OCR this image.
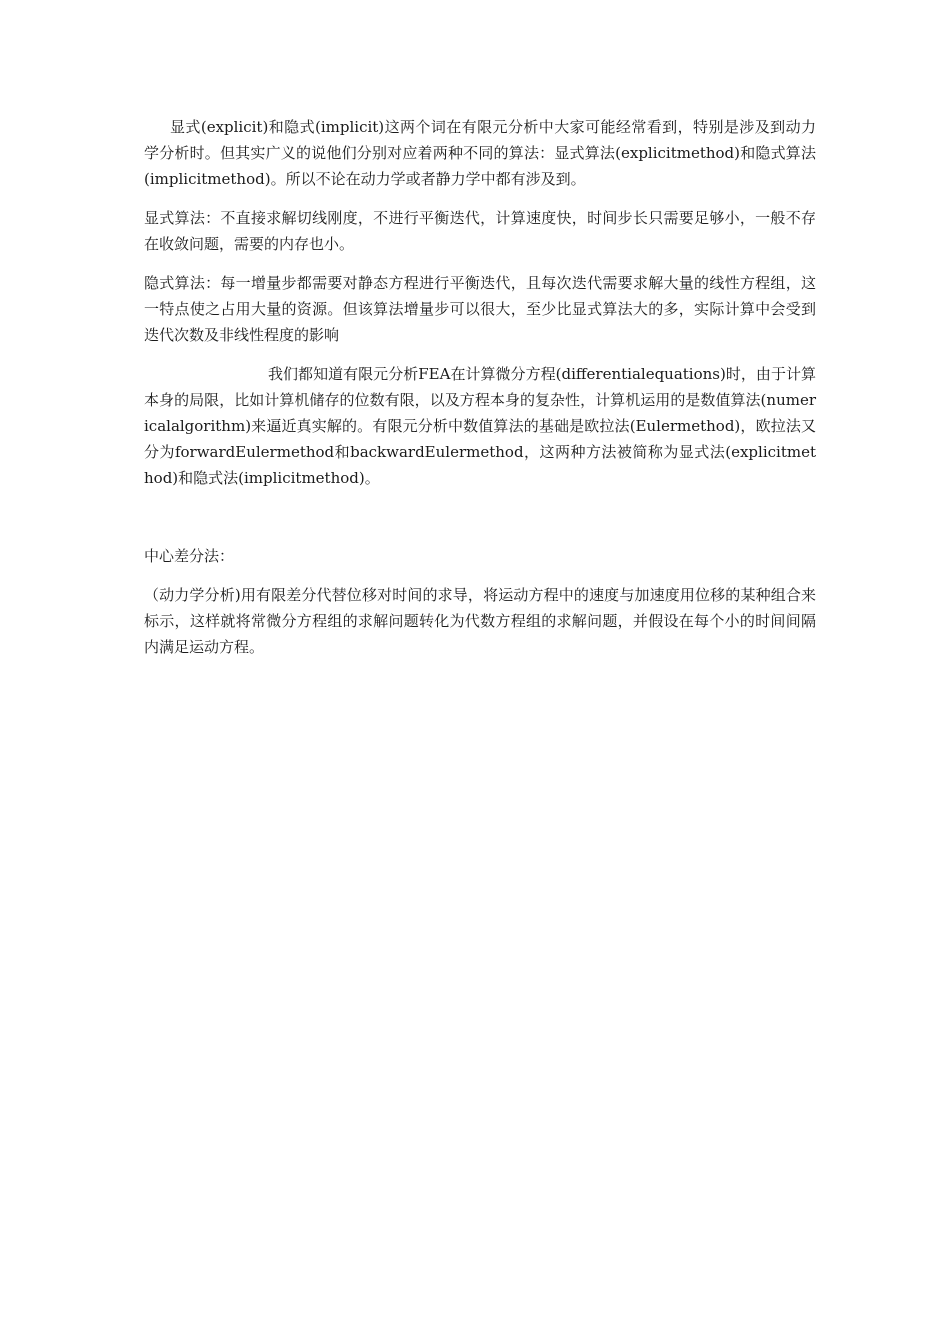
显式(explicit)和隐式(implicit)这两个词在有限元分析中大家可能经常看到，特别是涉及到动力学分析时。但其实广义的说他们分别对应着两种不同的算法：显式算法(explicitmethod)和隐式算法(implicitmethod)。所以不论在动力学或者静力学中都有涉及到。

显式算法：不直接求解切线刚度，不进行平衡迭代，计算速度快，时间步长只需要足够小，一般不存在收敛问题，需要的内存也小。

隐式算法：每一增量步都需要对静态方程进行平衡迭代，且每次迭代需要求解大量的线性方程组，这一特点使之占用大量的资源。但该算法增量步可以很大，至少比显式算法大的多，实际计算中会受到迭代次数及非线性程度的影响

我们都知道有限元分析FEA在计算微分方程(differentialequations)时，由于计算本身的局限，比如计算机储存的位数有限，以及方程本身的复杂性，计算机运用的是数值算法(numericalalgorithm)来逼近真实解的。有限元分析中数值算法的基础是欧拉法(Eulermethod)，欧拉法又分为forwardEulermethod和backwardEulermethod，这两种方法被简称为显式法(explicitmethod)和隐式法(implicitmethod)。

中心差分法：

（动力学分析)用有限差分代替位移对时间的求导，将运动方程中的速度与加速度用位移的某种组合来标示，这样就将常微分方程组的求解问题转化为代数方程组的求解问题，并假设在每个小的时间间隔内满足运动方程。
